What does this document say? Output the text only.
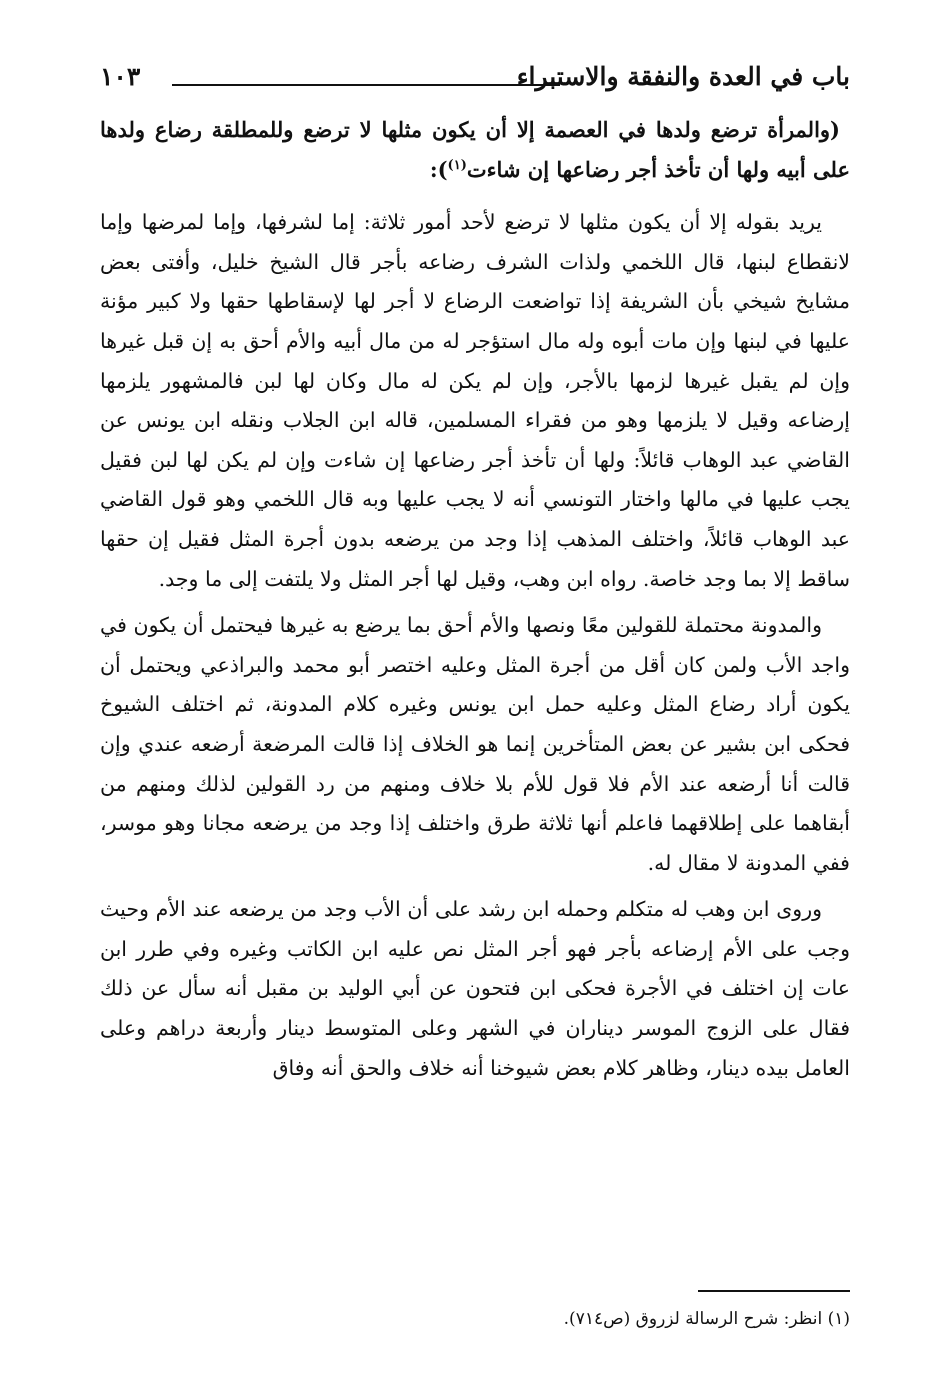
باب في العدة والنفقة والاستبراء
١٠٣

(والمرأة ترضع ولدها في العصمة إلا أن يكون مثلها لا ترضع وللمطلقة رضاع ولدها على أبيه ولها أن تأخذ أجر رضاعها إن شاءت$^{(١)}$):

يريد بقوله إلا أن يكون مثلها لا ترضع لأحد أمور ثلاثة: إما لشرفها، وإما لمرضها وإما لانقطاع لبنها، قال اللخمي ولذات الشرف رضاعه بأجر قال الشيخ خليل، وأفتى بعض مشايخ شيخي بأن الشريفة إذا تواضعت الرضاع لا أجر لها لإسقاطها حقها ولا كبير مؤنة عليها في لبنها وإن مات أبوه وله مال استؤجر له من مال أبيه والأم أحق به إن قبل غيرها وإن لم يقبل غيرها لزمها بالأجر، وإن لم يكن له مال وكان لها لبن فالمشهور يلزمها إرضاعه وقيل لا يلزمها وهو من فقراء المسلمين، قاله ابن الجلاب ونقله ابن يونس عن القاضي عبد الوهاب قائلاً: ولها أن تأخذ أجر رضاعها إن شاءت وإن لم يكن لها لبن فقيل يجب عليها في مالها واختار التونسي أنه لا يجب عليها وبه قال اللخمي وهو قول القاضي عبد الوهاب قائلاً، واختلف المذهب إذا وجد من يرضعه بدون أجرة المثل فقيل إن حقها ساقط إلا بما وجد خاصة. رواه ابن وهب، وقيل لها أجر المثل ولا يلتفت إلى ما وجد.

والمدونة محتملة للقولين معًا ونصها والأم أحق بما يرضع به غيرها فيحتمل أن يكون في واجد الأب ولمن كان أقل من أجرة المثل وعليه اختصر أبو محمد والبراذعي ويحتمل أن يكون أراد رضاع المثل وعليه حمل ابن يونس وغيره كلام المدونة، ثم اختلف الشيوخ فحكى ابن بشير عن بعض المتأخرين إنما هو الخلاف إذا قالت المرضعة أرضعه عندي وإن قالت أنا أرضعه عند الأم فلا قول للأم بلا خلاف ومنهم من رد القولين لذلك ومنهم من أبقاهما على إطلاقهما فاعلم أنها ثلاثة طرق واختلف إذا وجد من يرضعه مجانا وهو موسر، ففي المدونة لا مقال له.

وروى ابن وهب له متكلم وحمله ابن رشد على أن الأب وجد من يرضعه عند الأم وحيث وجب على الأم إرضاعه بأجر فهو أجر المثل نص عليه ابن الكاتب وغيره وفي طرر ابن عات إن اختلف في الأجرة فحكى ابن فتحون عن أبي الوليد بن مقبل أنه سأل عن ذلك فقال على الزوج الموسر ديناران في الشهر وعلى المتوسط دينار وأربعة دراهم وعلى العامل بيده دينار، وظاهر كلام بعض شيوخنا أنه خلاف والحق أنه وفاق

(١) انظر: شرح الرسالة لزروق (ص٧١٤).
